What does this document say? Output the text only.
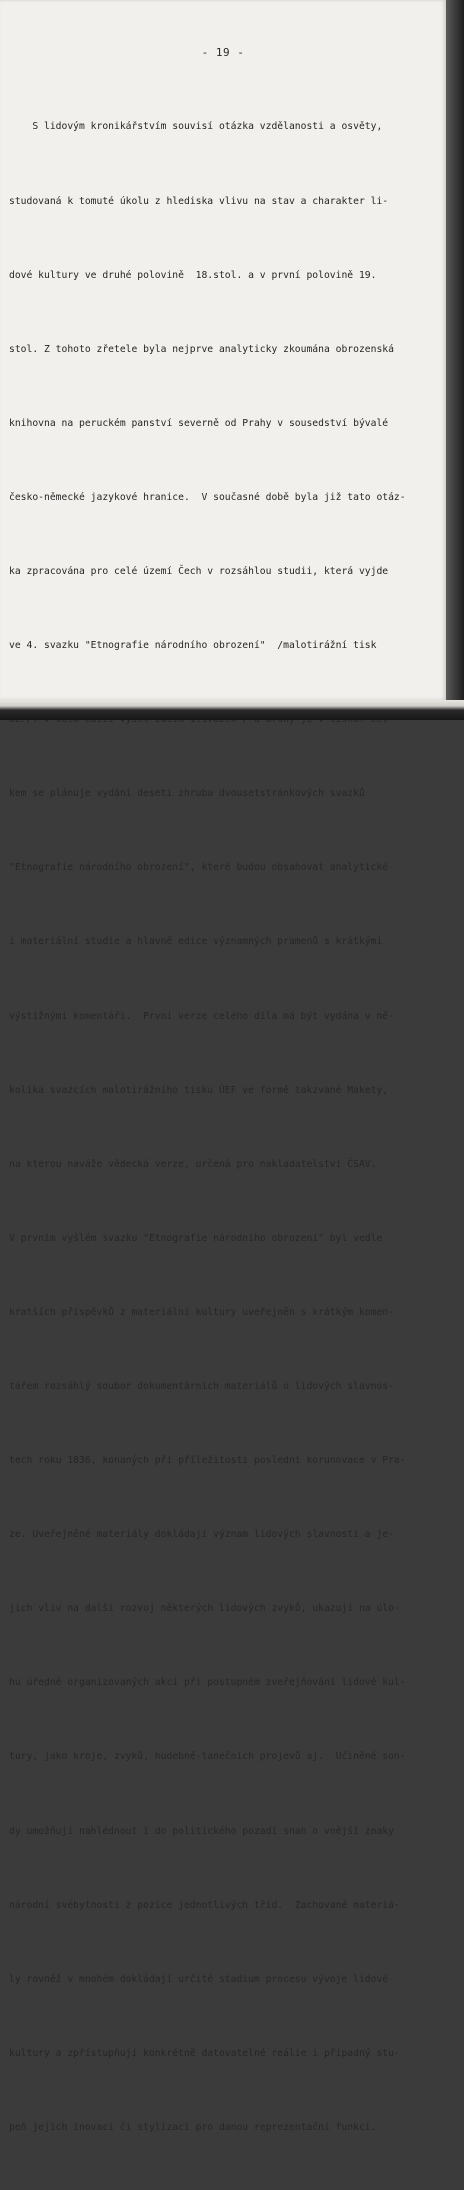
- 19 -

S lidovým kronikářstvím souvisí otázka vzdělanosti a osvěty,

studovaná k tomuté úkolu z hlediska vlivu na stav a charakter li-

dové kultury ve druhé polovině  18.stol. a v první polovině 19.

stol. Z tohoto zřetele byla nejprve analyticky zkoumána obrozenská

knihovna na peruckém panství severně od Prahy v sousedství bývalé

česko-německé jazykové hranice.  V současné době byla již tato otáz-

ka zpracována pro celé území Čech v rozsáhlou studii, která vyjde

ve 4. svazku "Etnografie národního obrození"  /malotirážní tisk

kem se plánuje vydání deseti zhruba dvousetstránkových svazků

"Etnografie národního obrození", které budou obsahovat analytické

i materiální studie a hlavně edice významných pramenů s krátkými

výstižnými komentáři.  První verze celého díla má být vydána v ně-

kolika svazcích malotirážního tisku ÚEF ve formě takzvané Makety,

na kterou naváže vědecká verze, určená pro nakladatelství ČSAV.

V prvním vyšlém svazku "Etnografie národního obrození" byl vedle

kratších příspěvků z materiální kultury uveřejněn s krátkým komen-

tářem rozsáhlý soubor dokumentárních materiálů o lidových slavnos-

tech roku 1836, konaných při příležitosti poslední korunovace v Pra-

ze. Uveřejněné materiály dokládají význam lidových slavností a je-

jich vliv na další rozvoj některých lidových zvyků, ukazují na úlo-

hu úředně organizovaných akcí při postupném zveřejňování lidové kul-

tury, jako kroje, zvyků, hudebně-tanečních projevů aj.  Učiněné son-

dy umožňují nahlédnout i do politického pozadí snah o vnější znaky

národní svébytnosti z pozice jednotlivých tříd.  Zachované materiá-

ly rovněž v mnohém dokládají určité stadium procesu vývoje lidové

kultury a zpřístupňují konkrétně datovatelné reálie i případný stu-

peň jejich inovací či stylizací pro danou reprezentační funkci.
